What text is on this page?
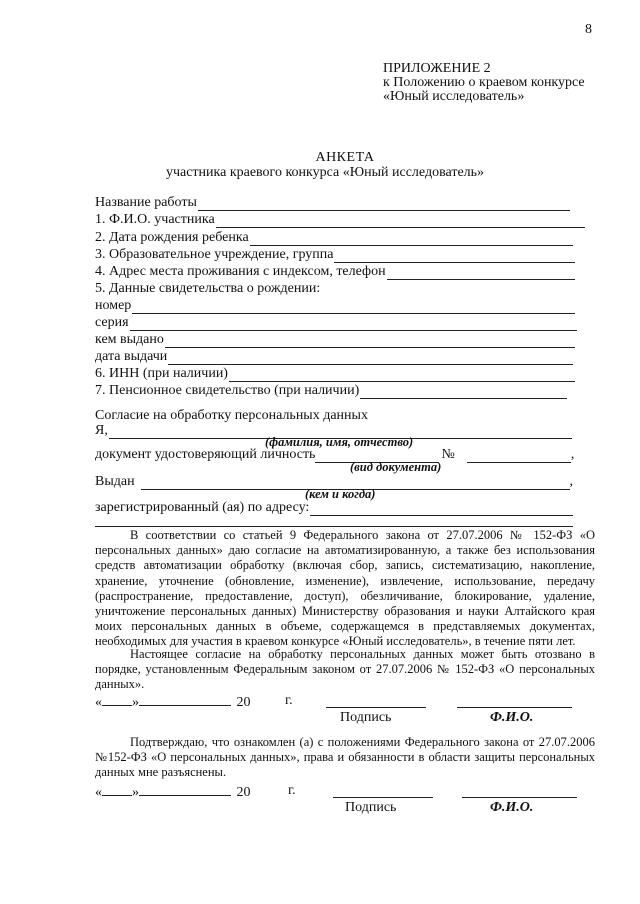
8
ПРИЛОЖЕНИЕ 2
к Положению о краевом конкурсе
«Юный исследователь»
АНКЕТА
участника краевого конкурса «Юный исследователь»
Название работы
1. Ф.И.О. участника
2. Дата рождения ребенка
3. Образовательное учреждение, группа
4. Адрес места проживания с индексом, телефон
5. Данные свидетельства о рождении:
номер
серия
кем выдано
дата выдачи
6. ИНН (при наличии)
7. Пенсионное свидетельство (при наличии)
Согласие на обработку персональных данных
Я,
(фамилия, имя, отчество)
документ удостоверяющий личность	№	,
(вид документа)
Выдан	,
(кем и когда)
зарегистрированный (ая) по адресу:
В соответствии со статьей 9 Федерального закона от 27.07.2006 № 152-ФЗ «О персональных данных» даю согласие на автоматизированную, а также без использования средств автоматизации обработку (включая сбор, запись, систематизацию, накопление, хранение, уточнение (обновление, изменение), извлечение, использование, передачу (распространение, предоставление, доступ), обезличивание, блокирование, удаление, уничтожение персональных данных) Министерству образования и науки Алтайского края моих персональных данных в объеме, содержащемся в представляемых документах, необходимых для участия в краевом конкурсе «Юный исследователь», в течение пяти лет.
Настоящее согласие на обработку персональных данных может быть отозвано в порядке, установленным Федеральным законом от 27.07.2006 № 152-ФЗ «О персональных данных».
« »	20 г.
Подпись	Ф.И.О.
Подтверждаю, что ознакомлен (а) с положениями Федерального закона от 27.07.2006 №152-ФЗ «О персональных данных», права и обязанности в области защиты персональных данных мне разъяснены.
« »	20	г.
Подпись	Ф.И.О.
